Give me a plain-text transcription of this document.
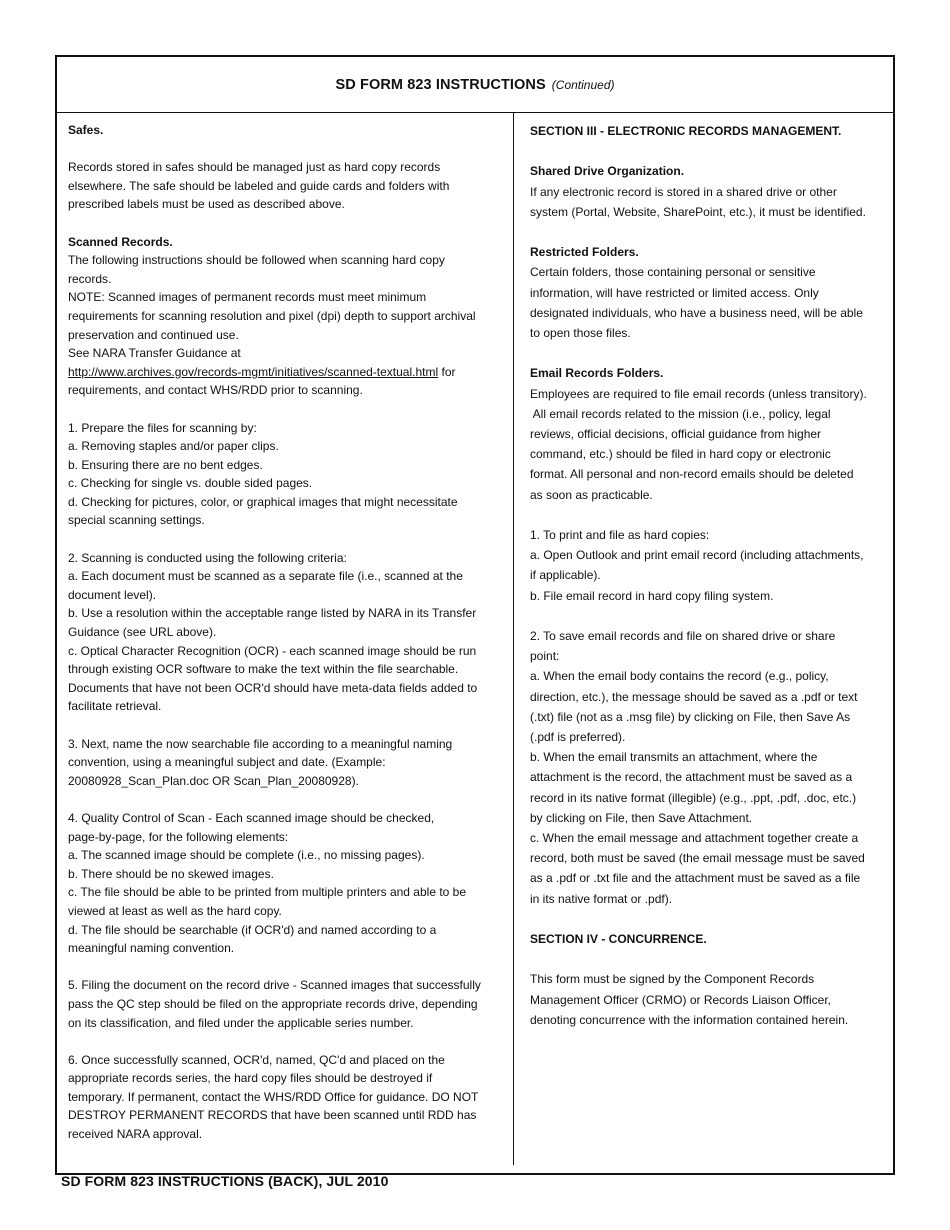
SD FORM 823 INSTRUCTIONS (Continued)
Safes.
Records stored in safes should be managed just as hard copy records
elsewhere. The safe should be labeled and guide cards and folders with
prescribed labels must be used as described above.
Scanned Records.
The following instructions should be followed when scanning hard copy
records.
NOTE: Scanned images of permanent records must meet minimum
requirements for scanning resolution and pixel (dpi) depth to support archival
preservation and continued use.
See NARA Transfer Guidance at
http://www.archives.gov/records-mgmt/initiatives/scanned-textual.html for
requirements, and contact WHS/RDD prior to scanning.
1. Prepare the files for scanning by:
a. Removing staples and/or paper clips.
b. Ensuring there are no bent edges.
c. Checking for single vs. double sided pages.
d. Checking for pictures, color, or graphical images that might necessitate
special scanning settings.
2. Scanning is conducted using the following criteria:
a. Each document must be scanned as a separate file (i.e., scanned at the
document level).
b. Use a resolution within the acceptable range listed by NARA in its Transfer
Guidance (see URL above).
c. Optical Character Recognition (OCR) - each scanned image should be run
through existing OCR software to make the text within the file searchable.
Documents that have not been OCR'd should have meta-data fields added to
facilitate retrieval.
3. Next, name the now searchable file according to a meaningful naming
convention, using a meaningful subject and date. (Example:
20080928_Scan_Plan.doc OR Scan_Plan_20080928).
4. Quality Control of Scan - Each scanned image should be checked,
page-by-page, for the following elements:
a. The scanned image should be complete (i.e., no missing pages).
b. There should be no skewed images.
c. The file should be able to be printed from multiple printers and able to be
viewed at least as well as the hard copy.
d. The file should be searchable (if OCR'd) and named according to a
meaningful naming convention.
5. Filing the document on the record drive - Scanned images that successfully
pass the QC step should be filed on the appropriate records drive, depending
on its classification, and filed under the applicable series number.
6. Once successfully scanned, OCR'd, named, QC'd and placed on the
appropriate records series, the hard copy files should be destroyed if
temporary. If permanent, contact the WHS/RDD Office for guidance. DO NOT
DESTROY PERMANENT RECORDS that have been scanned until RDD has
received NARA approval.
SECTION III - ELECTRONIC RECORDS MANAGEMENT.
Shared Drive Organization.
If any electronic record is stored in a shared drive or other
system (Portal, Website, SharePoint, etc.), it must be identified.
Restricted Folders.
Certain folders, those containing personal or sensitive
information, will have restricted or limited access. Only
designated individuals, who have a business need, will be able
to open those files.
Email Records Folders.
Employees are required to file email records (unless transitory).
All email records related to the mission (i.e., policy, legal
reviews, official decisions, official guidance from higher
command, etc.) should be filed in hard copy or electronic
format. All personal and non-record emails should be deleted
as soon as practicable.
1. To print and file as hard copies:
a. Open Outlook and print email record (including attachments,
if applicable).
b. File email record in hard copy filing system.
2. To save email records and file on shared drive or share
point:
a. When the email body contains the record (e.g., policy,
direction, etc.), the message should be saved as a .pdf or text
(.txt) file (not as a .msg file) by clicking on File, then Save As
(.pdf is preferred).
b. When the email transmits an attachment, where the
attachment is the record, the attachment must be saved as a
record in its native format (illegible) (e.g., .ppt, .pdf, .doc, etc.)
by clicking on File, then Save Attachment.
c. When the email message and attachment together create a
record, both must be saved (the email message must be saved
as a .pdf or .txt file and the attachment must be saved as a file
in its native format or .pdf).
SECTION IV - CONCURRENCE.
This form must be signed by the Component Records
Management Officer (CRMO) or Records Liaison Officer,
denoting concurrence with the information contained herein.
SD FORM 823 INSTRUCTIONS (BACK), JUL 2010
